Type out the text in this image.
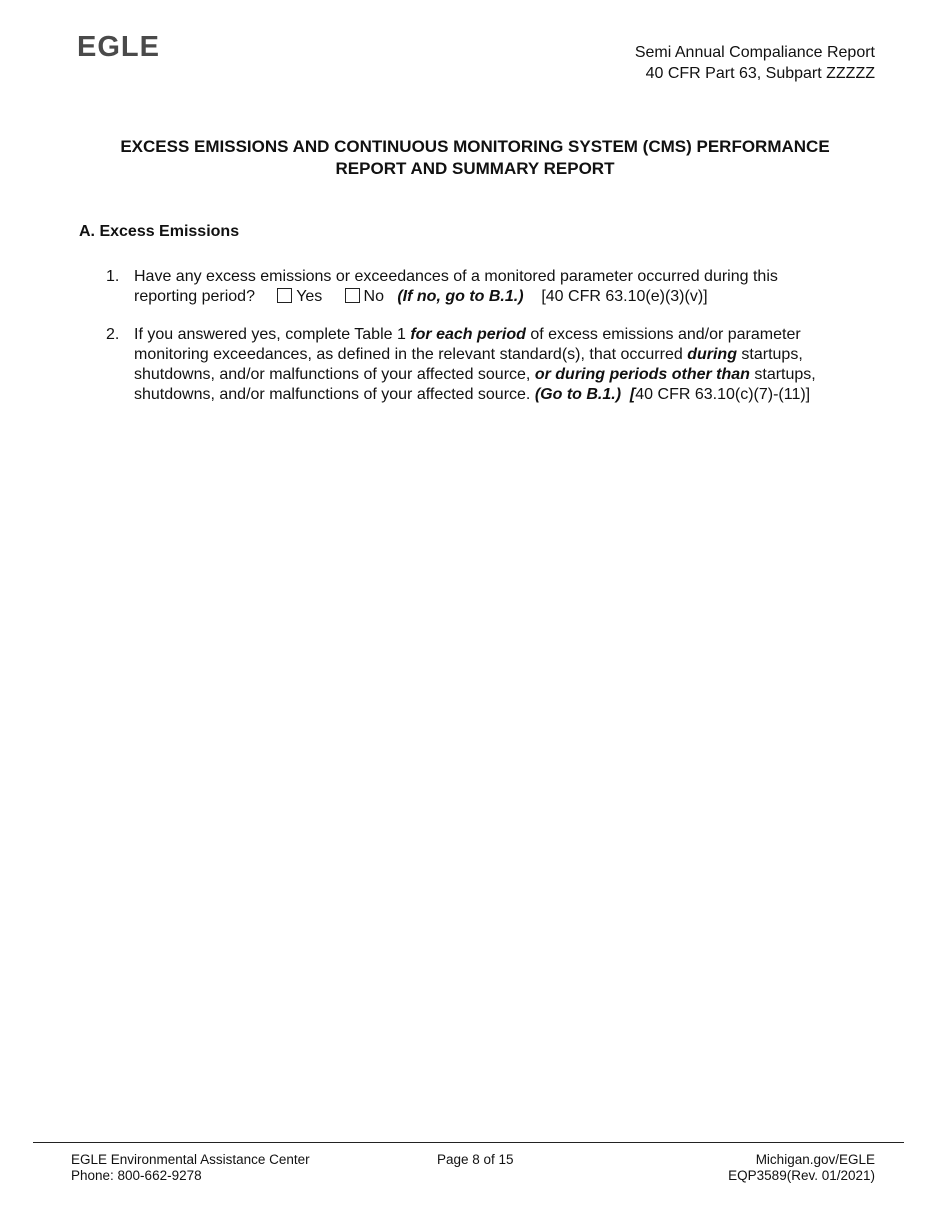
EGLE	Semi Annual Compaliance Report
40 CFR Part 63, Subpart ZZZZZ
EXCESS EMISSIONS AND CONTINUOUS MONITORING SYSTEM (CMS) PERFORMANCE
REPORT AND SUMMARY REPORT
A. Excess Emissions
1. Have any excess emissions or exceedances of a monitored parameter occurred during this
reporting period?	Yes	No (If no, go to B.1.) [40 CFR 63.10(e)(3)(v)]
2. If you answered yes, complete Table 1 for each period of excess emissions and/or parameter monitoring exceedances, as defined in the relevant standard(s), that occurred during startups, shutdowns, and/or malfunctions of your affected source, or during periods other than startups, shutdowns, and/or malfunctions of your affected source. (Go to B.1.)  [40 CFR 63.10(c)(7)-(11)]
EGLE Environmental Assistance Center
Phone: 800-662-9278
Page 8 of 15	Michigan.gov/EGLE
EQP3589(Rev. 01/2021)
